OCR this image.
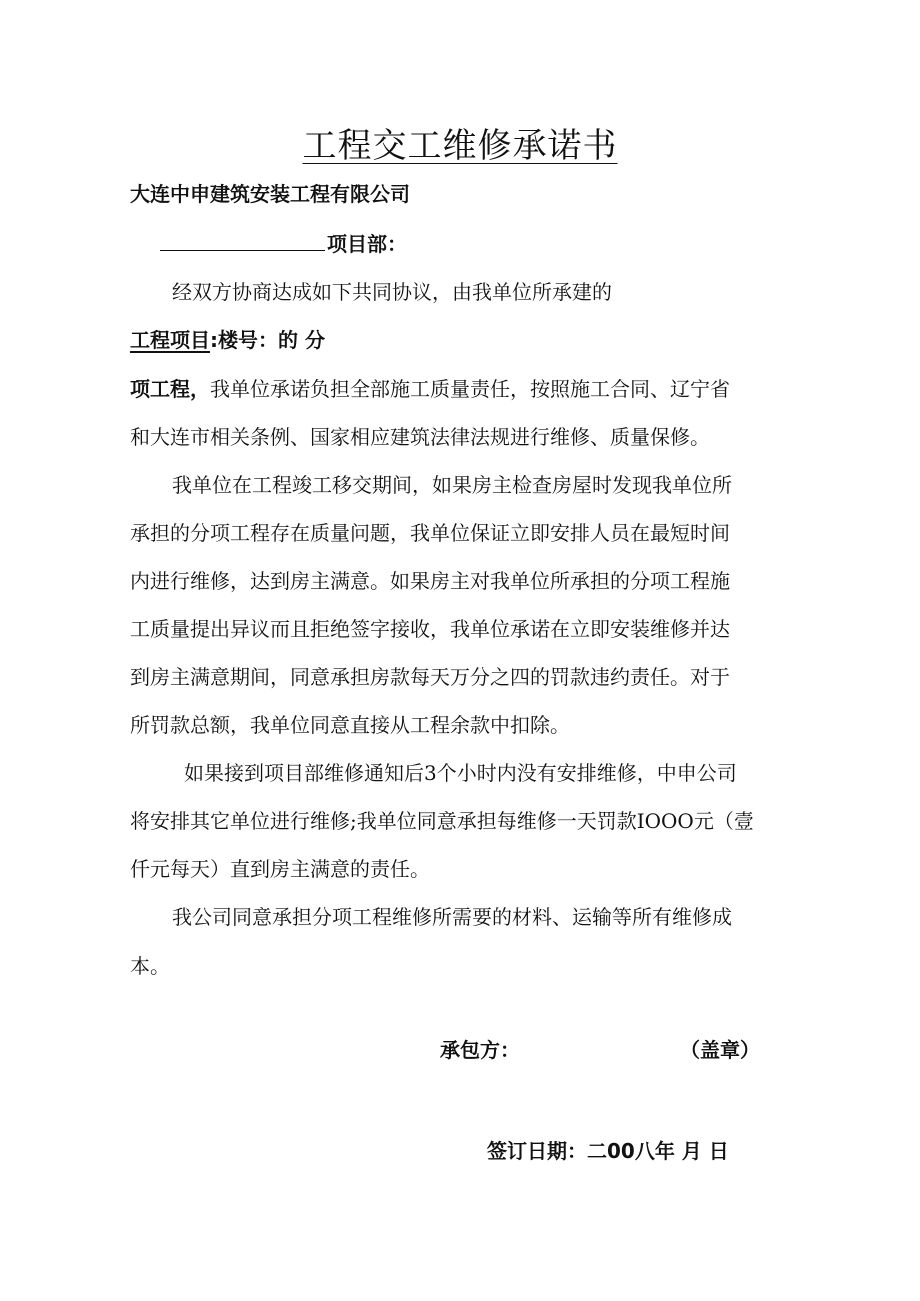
工程交工维修承诺书
大连中申建筑安装工程有限公司
项目部：
经双方协商达成如下共同协议，由我单位所承建的
工程项目:楼号：的 分
项工程，我单位承诺负担全部施工质量责任，按照施工合同、辽宁省
和大连市相关条例、国家相应建筑法律法规进行维修、质量保修。
我单位在工程竣工移交期间，如果房主检查房屋时发现我单位所
承担的分项工程存在质量问题，我单位保证立即安排人员在最短时间
内进行维修，达到房主满意。如果房主对我单位所承担的分项工程施
工质量提出异议而且拒绝签字接收，我单位承诺在立即安装维修并达
到房主满意期间，同意承担房款每天万分之四的罚款违约责任。对于
所罚款总额，我单位同意直接从工程余款中扣除。
如果接到项目部维修通知后3个小时内没有安排维修，中申公司
将安排其它单位进行维修;我单位同意承担每维修一天罚款IOOO元（壹
仟元每天）直到房主满意的责任。
我公司同意承担分项工程维修所需要的材料、运输等所有维修成
本。
承包方：	（盖章）
签订日期：二00八年 月 日
